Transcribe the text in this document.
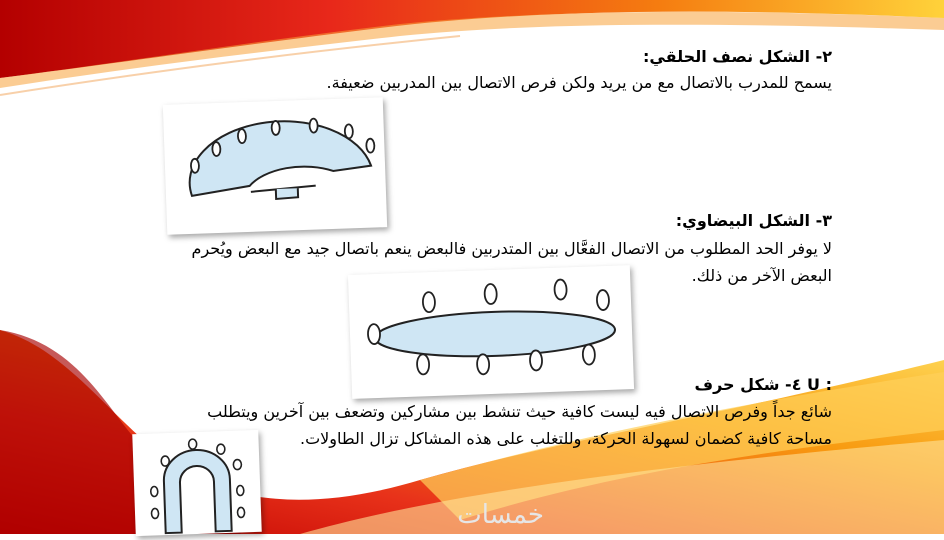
٢- الشكل نصف الحلقي:
يسمح للمدرب بالاتصال مع من يريد ولكن فرص الاتصال بين المدربين ضعيفة.
٣- الشكل البيضاوي:
لا يوفر الحد المطلوب من الاتصال الفعَّال بين المتدربين فالبعض ينعم باتصال جيد مع البعض ويُحرم
البعض الآخر من ذلك.
: U ٤- شكل حرف
شائع جداً وفرص الاتصال فيه ليست كافية حيث تنشط بين مشاركين وتضعف بين آخرين ويتطلب
مساحة كافية كضمان لسهولة الحركة، وللتغلب على هذه المشاكل تزال الطاولات.
خمسات
